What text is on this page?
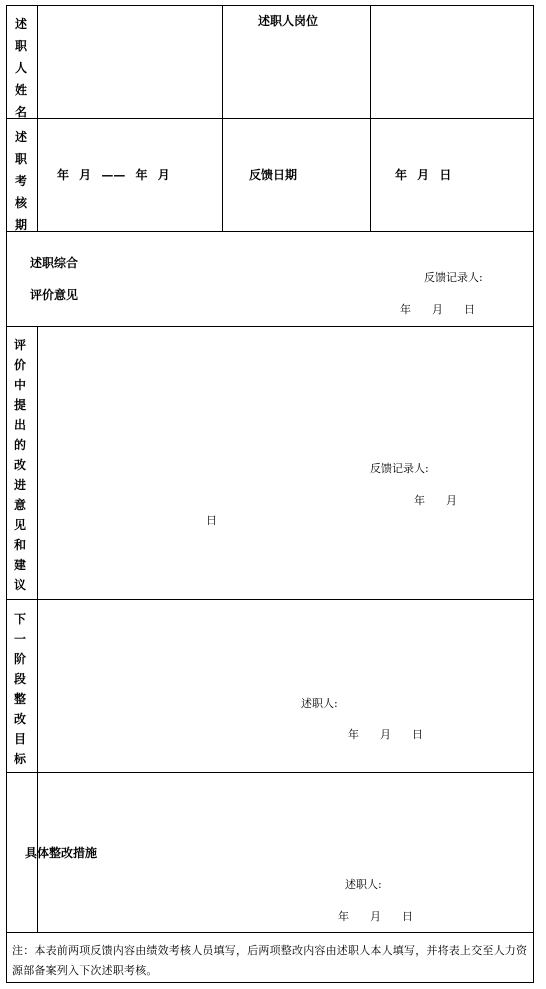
述职人姓名
述职人岗位
述职考核期
年 月 —— 年 月	反馈日期	年 月 日
述职综合
评价意见
反馈记录人:
年      月      日
评价中提出的改进意见和建议
反馈记录人:
年      月
日
下一阶段整改目标
述职人:
年      月      日
具体整改措施
述职人:
年      月      日
注：本表前两项反馈内容由绩效考核人员填写，后两项整改内容由述职人本人填写，并将表上交至人力资源部备案列入下次述职考核。
